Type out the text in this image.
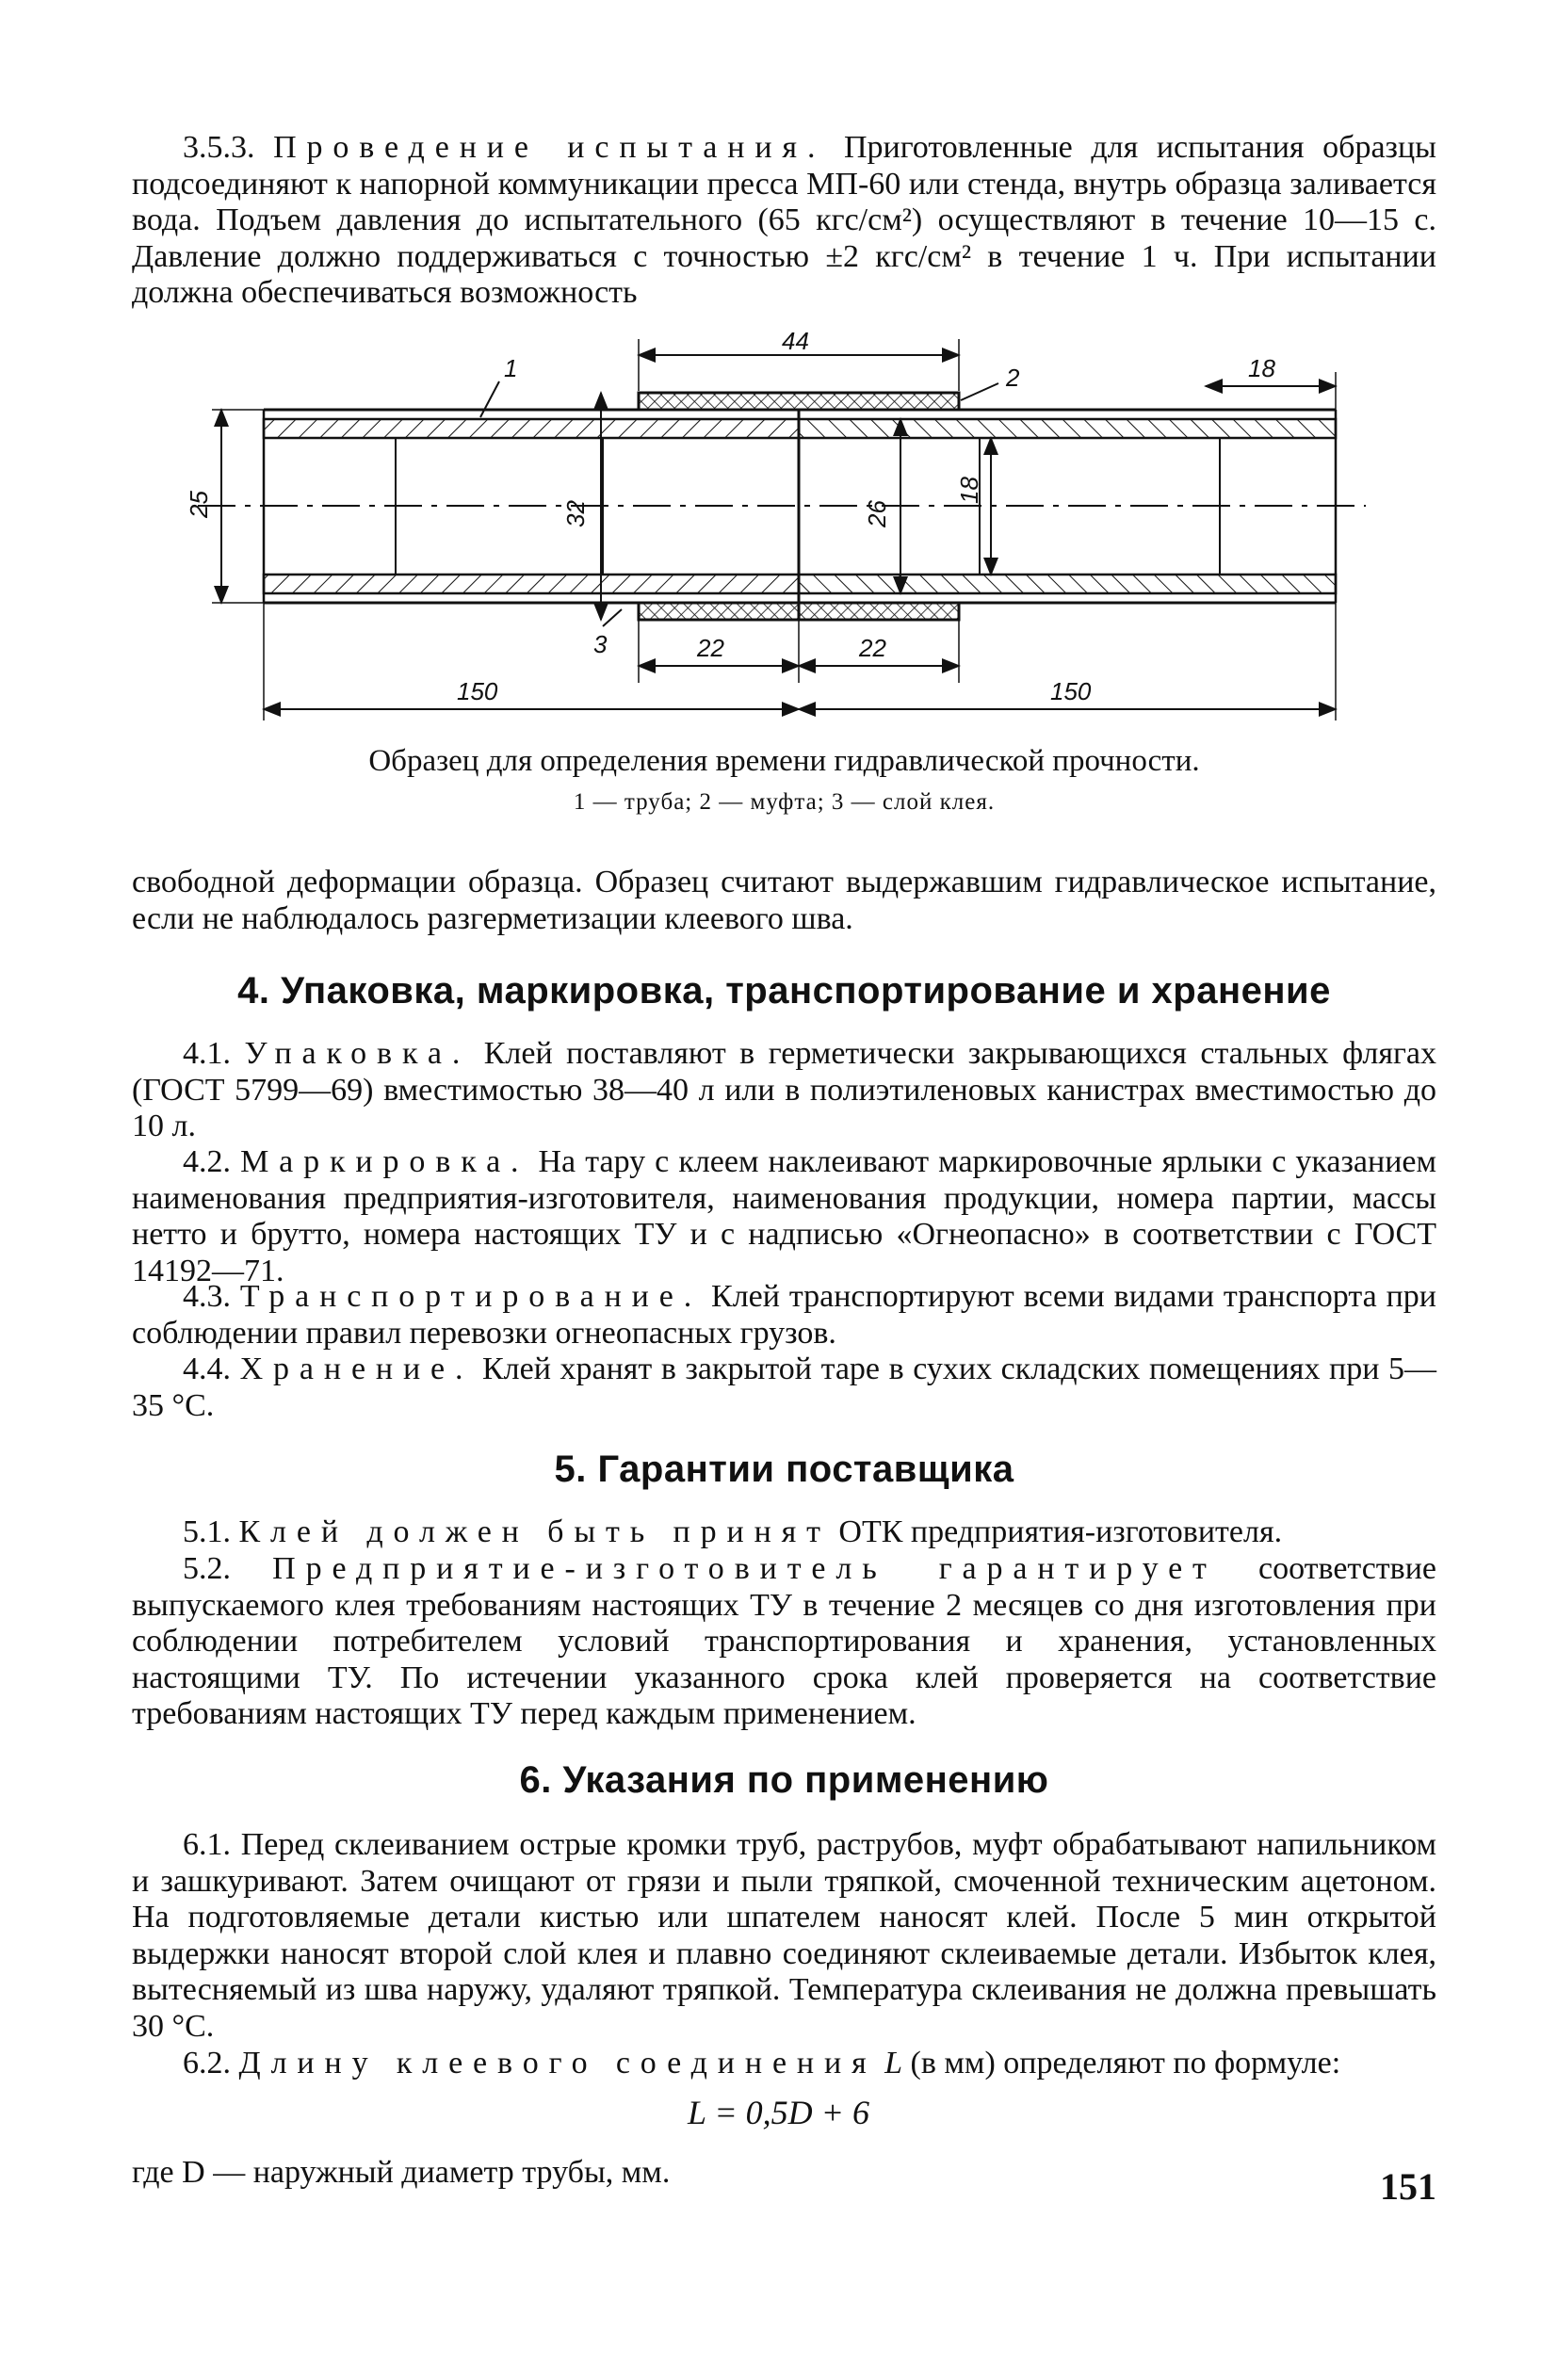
3.5.3. Проведение испытания. Приготовленные для испытания образцы подсоединяют к напорной коммуникации пресса МП-60 или стенда, внутрь образца заливается вода. Подъем давления до испытательного (65 кгс/см²) осуществляют в течение 10—15 с. Давление должно поддерживаться с точностью ±2 кгс/см² в течение 1 ч. При испытании должна обеспечиваться возможность

25	32	26
18
44
18
1	2
3	22	22
150	150

Образец для определения времени гидравлической прочности.

1 — труба; 2 — муфта; 3 — слой клея.

свободной деформации образца. Образец считают выдержавшим гидравлическое испытание, если не наблюдалось разгерметизации клеевого шва.

4. Упаковка, маркировка, транспортирование и хранение

4.1. Упаковка. Клей поставляют в герметически закрывающихся стальных флягах (ГОСТ 5799—69) вместимостью 38—40 л или в полиэтиленовых канистрах вместимостью до 10 л.

4.2. Маркировка. На тару с клеем наклеивают маркировочные ярлыки с указанием наименования предприятия-изготовителя, наименования продукции, номера партии, массы нетто и брутто, номера настоящих ТУ и с надписью «Огнеопасно» в соответствии с ГОСТ 14192—71.

4.3. Транспортирование. Клей транспортируют всеми видами транспорта при соблюдении правил перевозки огнеопасных грузов.

4.4. Хранение. Клей хранят в закрытой таре в сухих складских помещениях при 5—35 °С.

5. Гарантии поставщика

5.1. Клей должен быть принят ОТК предприятия-изготовителя.

5.2. Предприятие-изготовитель гарантирует соответствие выпускаемого клея требованиям настоящих ТУ в течение 2 месяцев со дня изготовления при соблюдении потребителем условий транспортирования и хранения, установленных настоящими ТУ. По истечении указанного срока клей проверяется на соответствие требованиям настоящих ТУ перед каждым применением.

6. Указания по применению

6.1. Перед склеиванием острые кромки труб, раструбов, муфт обрабатывают напильником и зашкуривают. Затем очищают от грязи и пыли тряпкой, смоченной техническим ацетоном. На подготовляемые детали кистью или шпателем наносят клей. После 5 мин открытой выдержки наносят второй слой клея и плавно соединяют склеиваемые детали. Избыток клея, вытесняемый из шва наружу, удаляют тряпкой. Температура склеивания не должна превышать 30 °С.

6.2. Длину клеевого соединения L (в мм) определяют по формуле:

L = 0,5D + 6

где D — наружный диаметр трубы, мм.	151
